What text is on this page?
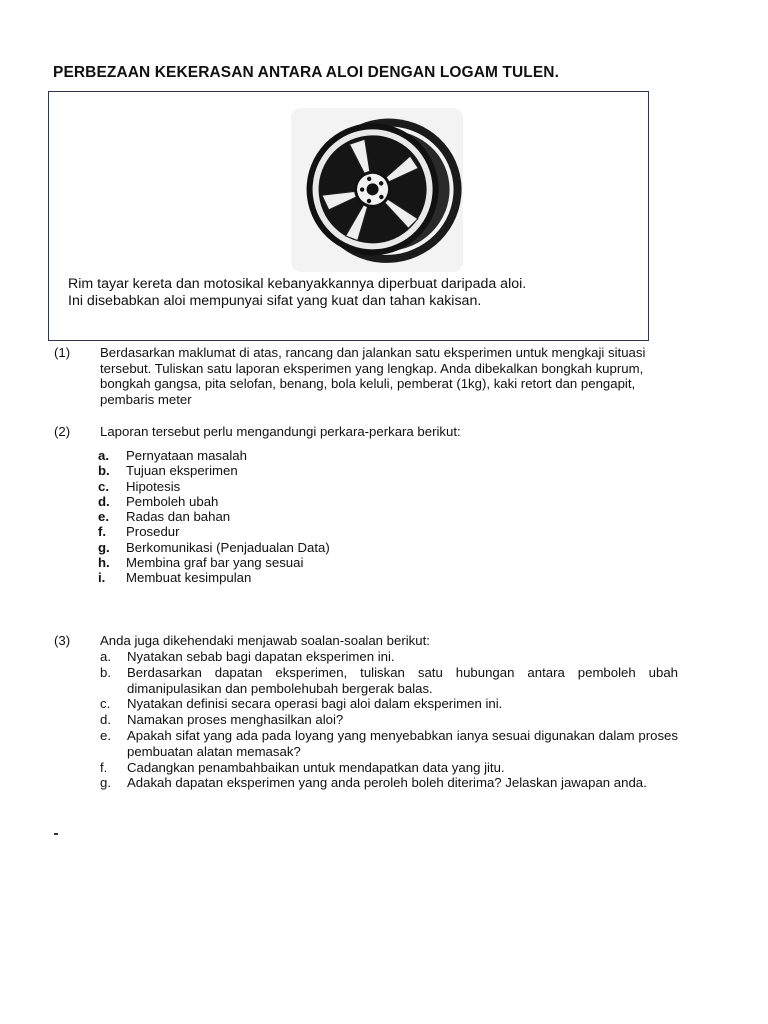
PERBEZAAN KEKERASAN ANTARA ALOI DENGAN LOGAM TULEN.
Rim tayar kereta dan motosikal kebanyakkannya diperbuat daripada aloi.
Ini disebabkan aloi mempunyai sifat yang kuat dan tahan kakisan.
(1) Berdasarkan maklumat di atas, rancang dan jalankan satu eksperimen untuk mengkaji situasi tersebut. Tuliskan satu laporan eksperimen yang lengkap. Anda dibekalkan bongkah kuprum, bongkah gangsa, pita selofan, benang, bola keluli, pemberat (1kg), kaki retort dan pengapit, pembaris meter
(2) Laporan tersebut perlu mengandungi perkara-perkara berikut:
a. Pernyataan masalah
b. Tujuan eksperimen
c. Hipotesis
d. Pemboleh ubah
e. Radas dan bahan
f. Prosedur
g. Berkomunikasi (Penjadualan Data)
h. Membina graf bar yang sesuai
i. Membuat kesimpulan
(3) Anda juga dikehendaki menjawab soalan-soalan berikut:
a. Nyatakan sebab bagi dapatan eksperimen ini.
b. Berdasarkan dapatan eksperimen, tuliskan satu hubungan antara pemboleh ubah dimanipulasikan dan pembolehubah bergerak balas.
c. Nyatakan definisi secara operasi bagi aloi dalam eksperimen ini.
d. Namakan proses menghasilkan aloi?
e. Apakah sifat yang ada pada loyang yang menyebabkan ianya sesuai digunakan dalam proses pembuatan alatan memasak?
f. Cadangkan penambahbaikan untuk mendapatkan data yang jitu.
g. Adakah dapatan eksperimen yang anda peroleh boleh diterima? Jelaskan jawapan anda.
